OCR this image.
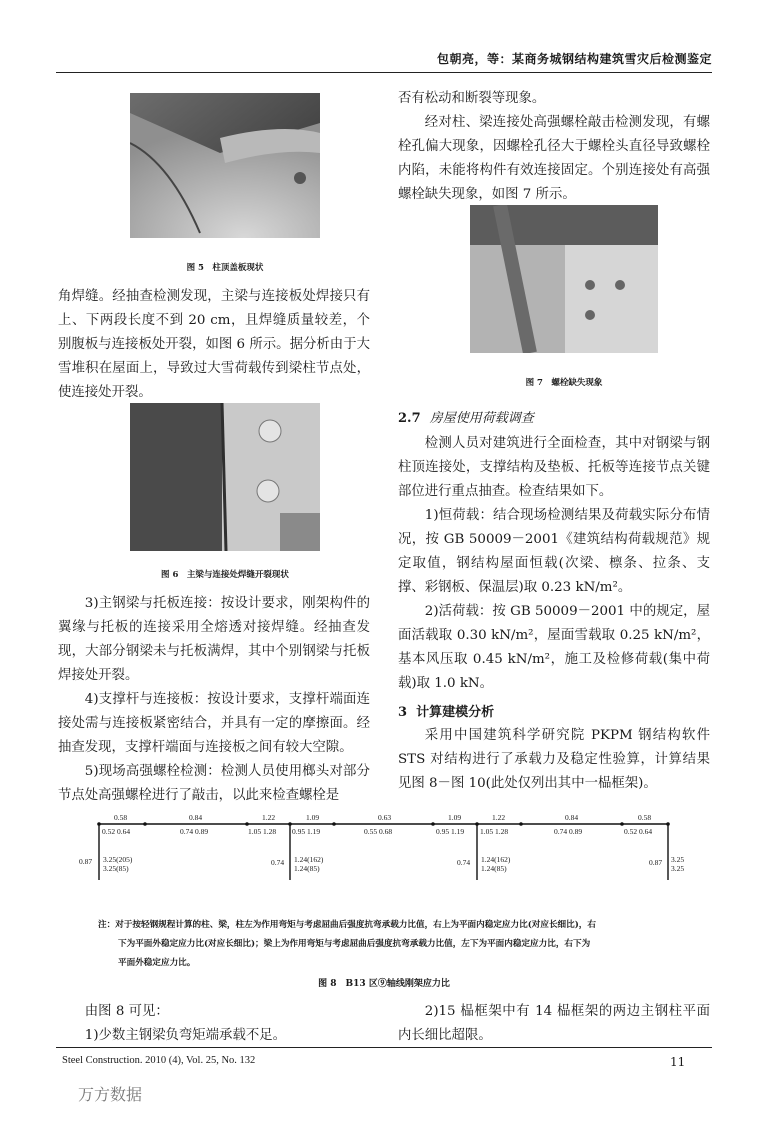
包朝亮，等：某商务城钢结构建筑雪灾后检测鉴定
图 5　柱顶盖板现状

角焊缝。经抽查检测发现，主梁与连接板处焊接只有上、下两段长度不到 20 cm，且焊缝质量较差，个别腹板与连接板处开裂，如图 6 所示。据分析由于大雪堆积在屋面上，导致过大雪荷载传到梁柱节点处，使连接处开裂。

图 6　主梁与连接处焊缝开裂现状

3)主钢梁与托板连接：按设计要求，刚架构件的翼缘与托板的连接采用全熔透对接焊缝。经抽查发现，大部分钢梁未与托板满焊，其中个别钢梁与托板焊接处开裂。

4)支撑杆与连接板：按设计要求，支撑杆端面连接处需与连接板紧密结合，并具有一定的摩擦面。经抽查发现，支撑杆端面与连接板之间有较大空隙。

5)现场高强螺栓检测：检测人员使用榔头对部分节点处高强螺栓进行了敲击，以此来检查螺栓是

否有松动和断裂等现象。

经对柱、梁连接处高强螺栓敲击检测发现，有螺栓孔偏大现象，因螺栓孔径大于螺栓头直径导致螺栓内陷，未能将构件有效连接固定。个别连接处有高强螺栓缺失现象，如图 7 所示。

图 7　螺栓缺失现象
2.7 房屋使用荷载调查

检测人员对建筑进行全面检查，其中对钢梁与钢柱顶连接处，支撑结构及垫板、托板等连接节点关键部位进行重点抽查。检查结果如下。

1)恒荷载：结合现场检测结果及荷载实际分布情况，按 GB 50009－2001《建筑结构荷载规范》规定取值，钢结构屋面恒载(次梁、檩条、拉条、支撑、彩钢板、保温层)取 0.23 kN/m²。

2)活荷载：按 GB 50009－2001 中的规定，屋面活载取 0.30 kN/m²，屋面雪载取 0.25 kN/m²，基本风压取 0.45 kN/m²，施工及检修荷载(集中荷载)取 1.0 kN。

3 计算建模分析

采用中国建筑科学研究院 PKPM 钢结构软件 STS 对结构进行了承载力及稳定性验算，计算结果见图 8－图 10(此处仅列出其中一榀框架)。

0.58	0.84	1.22	1.09	0.63	1.09	1.22	0.84	0.58
0.52 0.64	0.74 0.89	1.05 1.28 0.95 1.19	0.55 0.68	0.95 1.19 1.05 1.28	0.74 0.89	0.52 0.64
0.87 3.25(205)
3.25(85)
0.74 1.24(162)
1.24(85)
0.74 1.24(162)
1.24(85)
0.87 3.25
3.25
注：对于按轻钢规程计算的柱、梁，柱左为作用弯矩与考虑屈曲后强度抗弯承载力比值，右上为平面内稳定应力比(对应长细比)，右
下为平面外稳定应力比(对应长细比)；梁上为作用弯矩与考虑屈曲后强度抗弯承载力比值，左下为平面内稳定应力比，右下为
平面外稳定应力比。
图 8　B13 区⑨轴线刚架应力比

由图 8 可见：

1)少数主钢梁负弯矩端承载不足。

2)15 榀框架中有 14 榀框架的两边主钢柱平面内长细比超限。

Steel Construction. 2010 (4), Vol. 25, No. 132	11
万方数据
